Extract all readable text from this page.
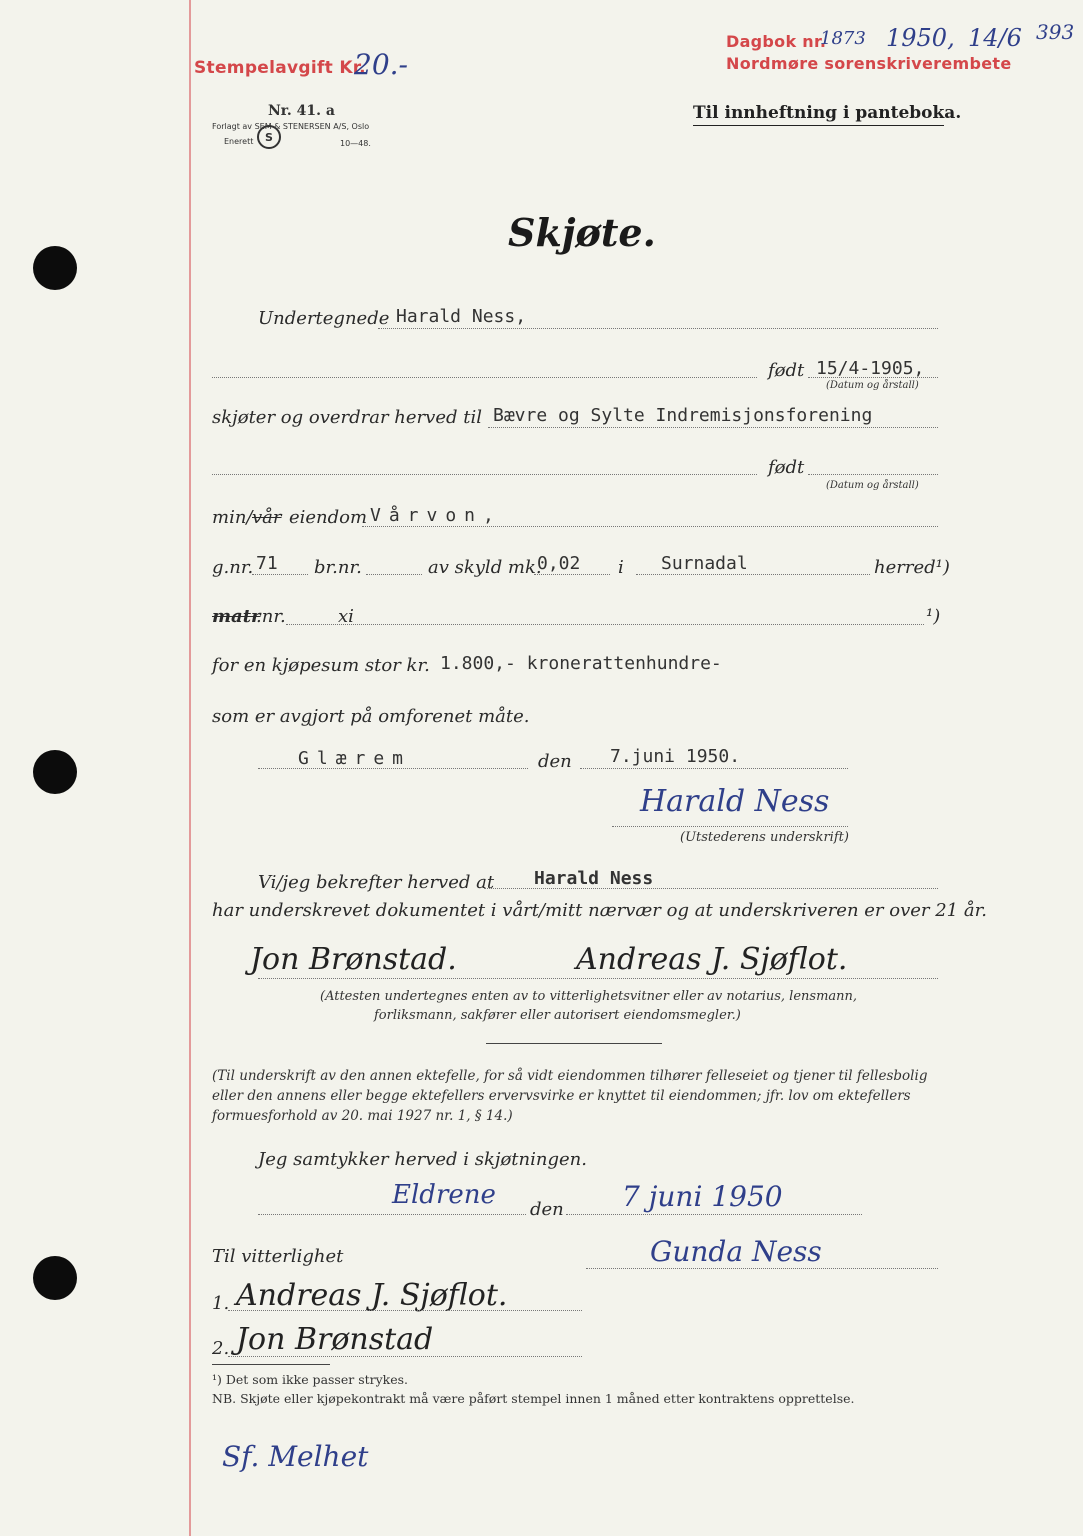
Stempelavgift Kr.
20.-
Dagbok nr.
1873 1950, 14/6 393
Nordmøre sorenskriverembete
Nr. 41. a
Forlagt av SEM & STENERSEN A/S, Oslo
Enerett S	10—48.
Til innheftning i panteboka.
Skjøte.
Undertegnede Harald Ness,
født 15/4-1905,
(Datum og årstall)
skjøter og overdrar herved til Bævre og Sylte Indremisjonsforening
født
(Datum og årstall)
min/ vår eiendom Vårvon,
g.nr. 71 br.nr.	av skyld mk.
0,02 i Surnadal	herred¹)
matr
.nr.	xi	¹)
for en kjøpesum stor kr. 1.800,- kronerattenhundre-
som er avgjort på omforenet måte.
Glærem	den 7.juni 1950.
Harald Ness
(Utstederens underskrift)
Vi/jeg bekrefter herved at Harald Ness
har underskrevet dokumentet i vårt/mitt nærvær og at underskriveren er over 21 år.
Jon Brønstad.	Andreas J. Sjøflot.
(Attesten undertegnes enten av to vitterlighetsvitner eller av notarius, lensmann,
forliksmann, sakfører eller autorisert eiendomsmegler.)
(Til underskrift av den annen ektefelle, for så vidt eiendommen tilhører felleseiet og tjener til fellesbolig eller den annens eller begge ektefellers ervervsvirke er knyttet til eiendommen; jfr. lov om ektefellers formuesforhold av 20. mai 1927 nr. 1, § 14.)
Jeg samtykker herved i skjøtningen.
Eldrene den 7 juni 1950
Gunda Ness
Til vitterlighet
1. Andreas J. Sjøflot.
2. Jon Brønstad
¹) Det som ikke passer strykes.
NB. Skjøte eller kjøpekontrakt må være påført stempel innen 1 måned etter kontraktens opprettelse.
Sf. Melhet
